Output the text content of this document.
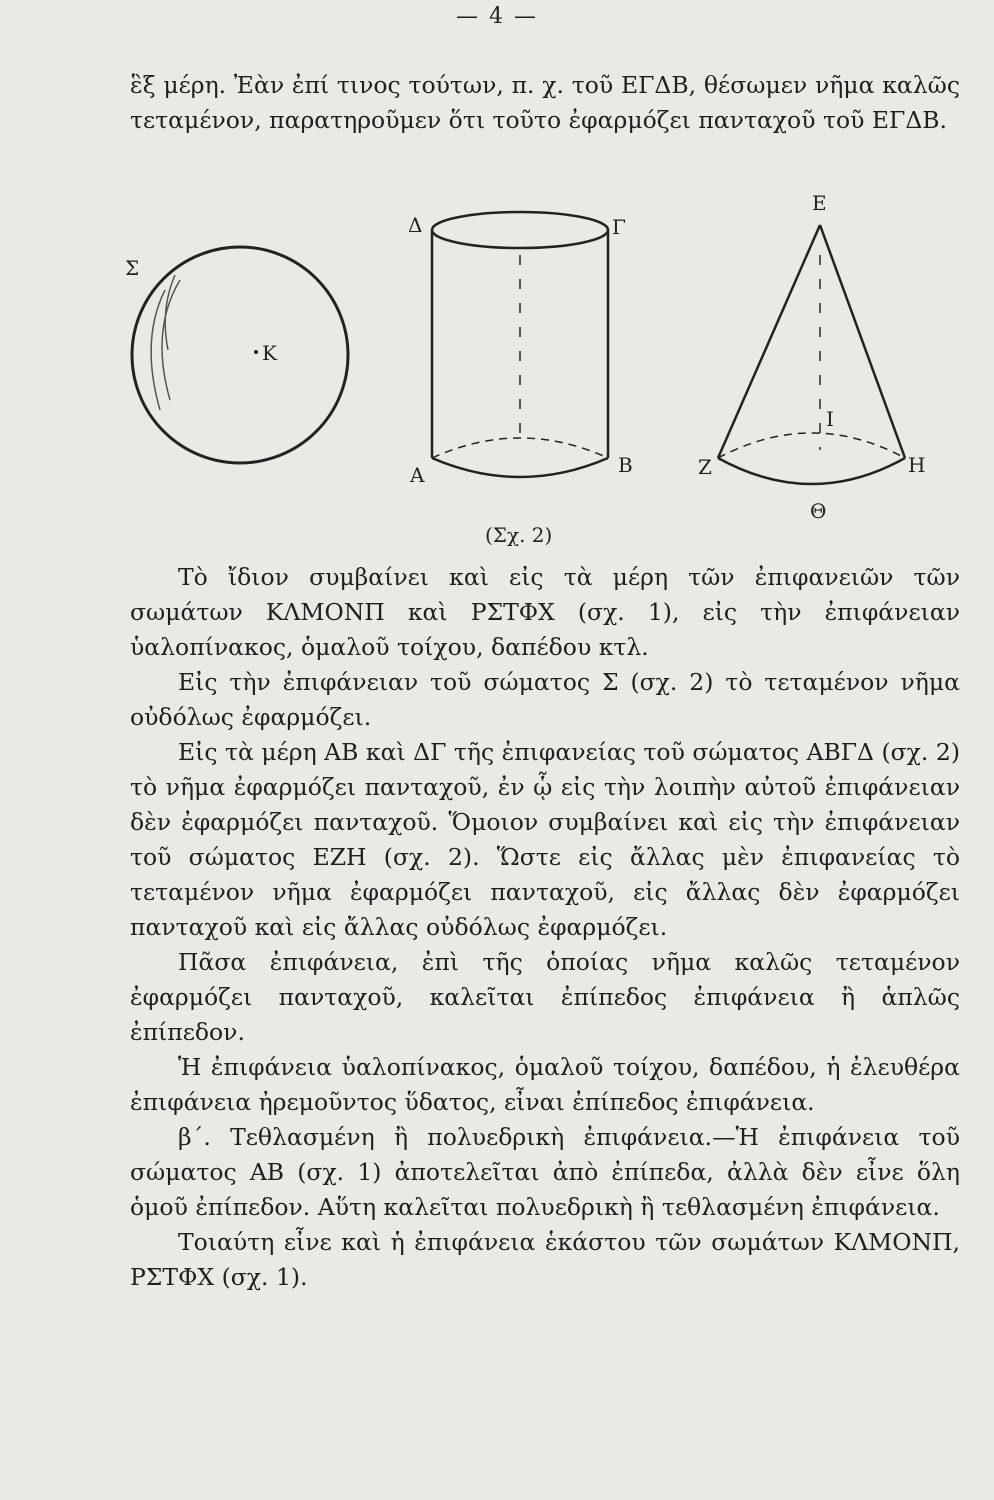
— 4 —

ἓξ μέρη. Ἐὰν ἐπί τινος τούτων, π. χ. τοῦ ΕΓΔΒ, θέσωμεν νῆμα καλῶς τεταμένον, παρατηροῦμεν ὅτι τοῦτο ἐφαρμόζει πανταχοῦ τοῦ ΕΓΔΒ.

Σ
Κ
Δ	Γ
Α	Β
Ε
Ζ	Η
Θ
Ι
(Σχ. 2)

Τὸ ἴδιον συμβαίνει καὶ εἰς τὰ μέρη τῶν ἐπιφανειῶν τῶν σωμάτων ΚΛΜΟΝΠ καὶ ΡΣΤΦΧ (σχ. 1), εἰς τὴν ἐπιφάνειαν ὑαλοπίνακος, ὁμαλοῦ τοίχου, δαπέδου κτλ.

Εἰς τὴν ἐπιφάνειαν τοῦ σώματος Σ (σχ. 2) τὸ τεταμένον νῆμα οὐδόλως ἐφαρμόζει.

Εἰς τὰ μέρη ΑΒ καὶ ΔΓ τῆς ἐπιφανείας τοῦ σώματος ΑΒΓΔ (σχ. 2) τὸ νῆμα ἐφαρμόζει πανταχοῦ, ἐν ᾧ εἰς τὴν λοιπὴν αὐτοῦ ἐπιφάνειαν δὲν ἐφαρμόζει πανταχοῦ. Ὅμοιον συμβαίνει καὶ εἰς τὴν ἐπιφάνειαν τοῦ σώματος ΕΖΗ (σχ. 2). Ὥστε εἰς ἄλλας μὲν ἐπιφανείας τὸ τεταμένον νῆμα ἐφαρμόζει πανταχοῦ, εἰς ἄλλας δὲν ἐφαρμόζει πανταχοῦ καὶ εἰς ἄλλας οὐδόλως ἐφαρμόζει.

Πᾶσα ἐπιφάνεια, ἐπὶ τῆς ὁποίας νῆμα καλῶς τεταμένον ἐφαρμόζει πανταχοῦ, καλεῖται ἐπίπεδος ἐπιφάνεια ἢ ἁπλῶς ἐπίπεδον.

Ἡ ἐπιφάνεια ὑαλοπίνακος, ὁμαλοῦ τοίχου, δαπέδου, ἡ ἐλευθέρα ἐπιφάνεια ἠρεμοῦντος ὕδατος, εἶναι ἐπίπεδος ἐπιφάνεια.

β΄. Τεθλασμένη ἢ πολυεδρικὴ ἐπιφάνεια.—Ἡ ἐπιφάνεια τοῦ σώματος ΑΒ (σχ. 1) ἀποτελεῖται ἀπὸ ἐπίπεδα, ἀλλὰ δὲν εἶνε ὅλη ὁμοῦ ἐπίπεδον. Αὕτη καλεῖται πολυεδρικὴ ἢ τεθλασμένη ἐπιφάνεια.

Τοιαύτη εἶνε καὶ ἡ ἐπιφάνεια ἑκάστου τῶν σωμάτων ΚΛΜΟΝΠ, ΡΣΤΦΧ (σχ. 1).
